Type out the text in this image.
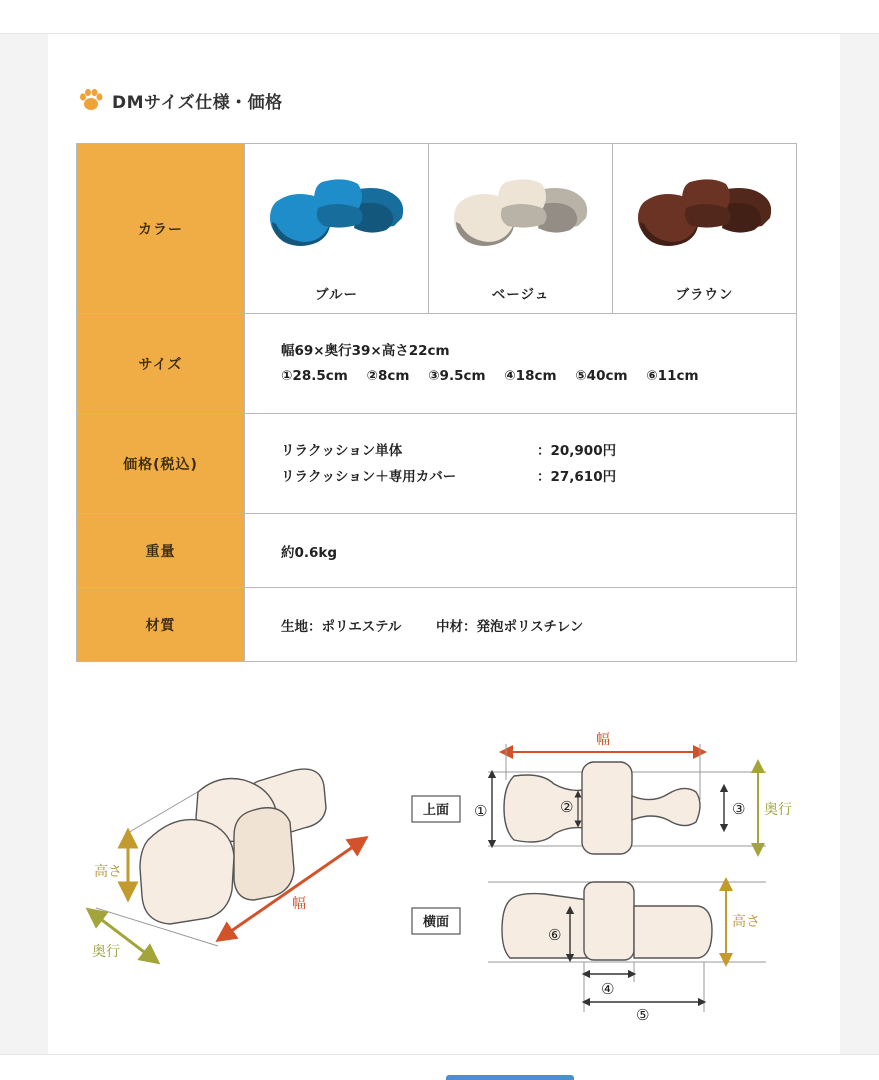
DMサイズ仕様・価格
カラー	ブルー	ベージュ	ブラウン

サイズ	幅69×奥行39×高さ22cm
①28.5cm ②8cm ③9.5cm ④18cm ⑤40cm ⑥11cm		

価格(税込)	リラクッション単体 ：20,900円
リラクッション＋専用カバー ：27,610円		

重量	約0.6kg		
材質	生地：ポリエステル 中材：発泡ポリスチレン		
高さ
奥行
幅
幅
①	②	③ 奥行
上面
⑥
④
⑤
高さ
横面
